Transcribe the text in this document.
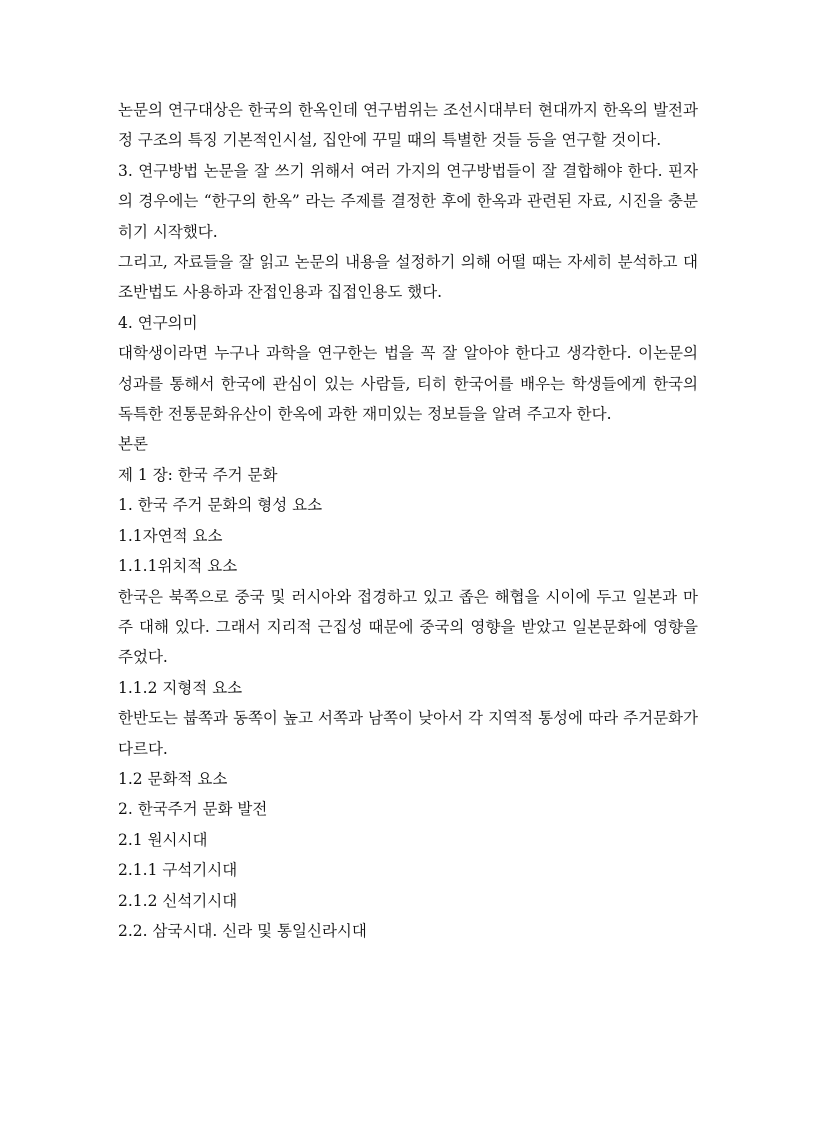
논문의 연구대상은 한국의 한옥인데 연구범위는 조선시대부터 현대까지 한옥의 발전과정 구조의 특징 기본적인시설, 집안에 꾸밀 때의 특별한 것들 등을 연구할 것이다.

3. 연구방법 논문을 잘 쓰기 위해서 여러 가지의 연구방법들이 잘 결합해야 한다. 핀자의 경우에는 “한구의 한옥” 라는 주제를 결정한 후에 한옥과 관련된 자료, 시진을 충분히기 시작했다.

그리고, 자료들을 잘 읽고 논문의 내용을 설정하기 의해 어떨 때는 자세히 분석하고 대조반법도 사용하과 잔접인용과 집접인용도 했다.

4. 연구의미

대학생이라면 누구나 과학을 연구한는 법을 꼭 잘 알아야 한다고 생각한다. 이논문의 성과를 통해서 한국에 관심이 있는 사람들, 티히 한국어를 배우는 학생들에게 한국의 독특한 전통문화유산이 한옥에 과한 재미있는 정보들을 알려 주고자 한다.

본론

제 1 장: 한국 주거 문화

1. 한국 주거 문화의 형성 요소

1.1자연적 요소

1.1.1위치적 요소

한국은 북쪽으로 중국 및 러시아와 접경하고 있고 좁은 해협을 시이에 두고 일본과 마주 대해 있다. 그래서 지리적 근집성 때문에 중국의 영향을 받았고 일본문화에 영향을 주었다.

1.1.2 지형적 요소

한반도는 붑쪽과 동쪽이 높고 서쪽과 남쪽이 낮아서 각 지역적 통성에 따라 주거문화가 다르다.

1.2 문화적 요소

2. 한국주거 문화 발전

2.1 원시시대

2.1.1 구석기시대

2.1.2 신석기시대

2.2. 삼국시대. 신라 및 통일신라시대
